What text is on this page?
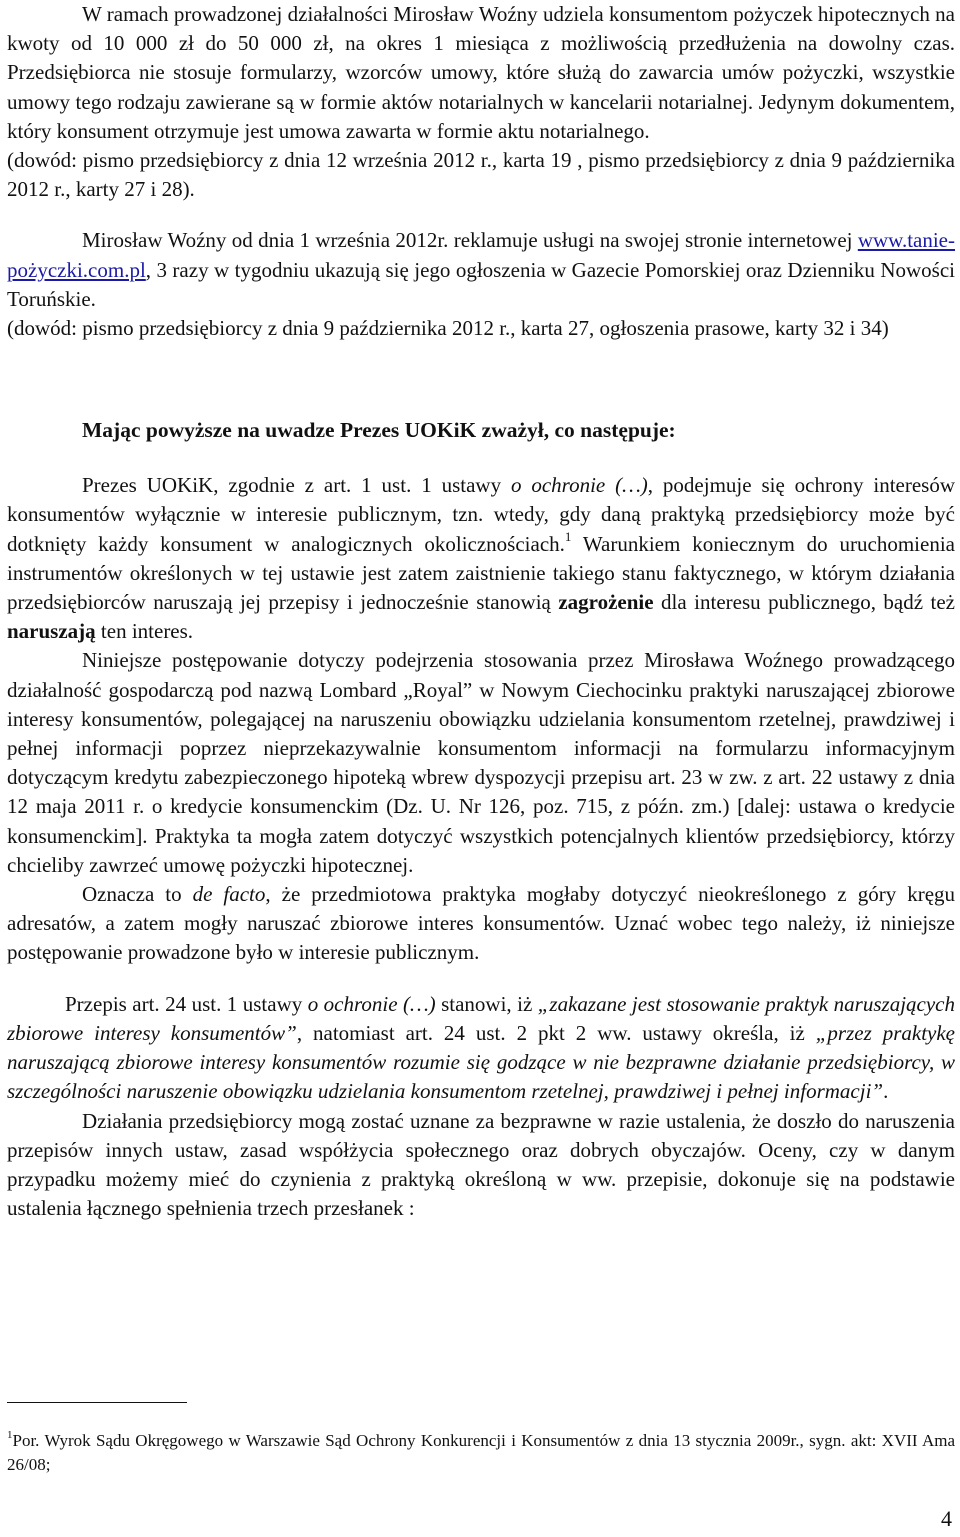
W ramach prowadzonej działalności Mirosław Woźny udziela konsumentom pożyczek hipotecznych na kwoty od 10 000 zł do 50 000 zł, na okres 1 miesiąca z możliwością przedłużenia na dowolny czas. Przedsiębiorca nie stosuje formularzy, wzorców umowy, które służą do zawarcia umów pożyczki, wszystkie umowy tego rodzaju zawierane są w formie aktów notarialnych w kancelarii notarialnej. Jedynym dokumentem, który konsument otrzymuje jest umowa zawarta w formie aktu notarialnego.

(dowód: pismo przedsiębiorcy z dnia 12 września 2012 r., karta 19 , pismo przedsiębiorcy z dnia 9 października 2012 r., karty 27 i 28).

Mirosław Woźny od dnia 1 września 2012r. reklamuje usługi na swojej stronie internetowej www.tanie-pożyczki.com.pl, 3 razy w tygodniu ukazują się jego ogłoszenia w Gazecie Pomorskiej oraz Dzienniku Nowości Toruńskie.

(dowód: pismo przedsiębiorcy z dnia 9 października 2012 r., karta 27, ogłoszenia prasowe, karty 32 i 34)

Mając powyższe na uwadze Prezes UOKiK zważył, co następuje:

Prezes UOKiK, zgodnie z art. 1 ust. 1 ustawy o ochronie (…), podejmuje się ochrony interesów konsumentów wyłącznie w interesie publicznym, tzn. wtedy, gdy daną praktyką przedsiębiorcy może być dotknięty każdy konsument w analogicznych okolicznościach.$^1$ Warunkiem koniecznym do uruchomienia instrumentów określonych w tej ustawie jest zatem zaistnienie takiego stanu faktycznego, w którym działania przedsiębiorców naruszają jej przepisy i jednocześnie stanowią zagrożenie dla interesu publicznego, bądź też naruszają ten interes.

Niniejsze postępowanie dotyczy podejrzenia stosowania przez Mirosława Woźnego prowadzącego działalność gospodarczą pod nazwą Lombard „Royal” w Nowym Ciechocinku praktyki naruszającej zbiorowe interesy konsumentów, polegającej na naruszeniu obowiązku udzielania konsumentom rzetelnej, prawdziwej i pełnej informacji poprzez nieprzekazywalnie konsumentom informacji na formularzu informacyjnym dotyczącym kredytu zabezpieczonego hipoteką wbrew dyspozycji przepisu art. 23 w zw. z art. 22 ustawy z dnia 12 maja 2011 r. o kredycie konsumenckim (Dz. U. Nr 126, poz. 715, z późn. zm.) [dalej: ustawa o kredycie konsumenckim]. Praktyka ta mogła zatem dotyczyć wszystkich potencjalnych klientów przedsiębiorcy, którzy chcieliby zawrzeć umowę pożyczki hipotecznej.

Oznacza to de facto, że przedmiotowa praktyka mogłaby dotyczyć nieokreślonego z góry kręgu adresatów, a zatem mogły naruszać zbiorowe interes konsumentów. Uznać wobec tego należy, iż niniejsze postępowanie prowadzone było w interesie publicznym.

Przepis art. 24 ust. 1 ustawy o ochronie (…) stanowi, iż „zakazane jest stosowanie praktyk naruszających zbiorowe interesy konsumentów”, natomiast art. 24 ust. 2 pkt 2 ww. ustawy określa, iż „przez praktykę naruszającą zbiorowe interesy konsumentów rozumie się godzące w nie bezprawne działanie przedsiębiorcy, w szczególności naruszenie obowiązku udzielania konsumentom rzetelnej, prawdziwej i pełnej informacji”.

Działania przedsiębiorcy mogą zostać uznane za bezprawne w razie ustalenia, że doszło do naruszenia przepisów innych ustaw, zasad współżycia społecznego oraz dobrych obyczajów. Oceny, czy w danym przypadku możemy mieć do czynienia z praktyką określoną w ww. przepisie, dokonuje się na podstawie ustalenia łącznego spełnienia trzech przesłanek :

$^1$Por. Wyrok Sądu Okręgowego w Warszawie Sąd Ochrony Konkurencji i Konsumentów z dnia 13 stycznia 2009r., sygn. akt: XVII Ama 26/08;

4
